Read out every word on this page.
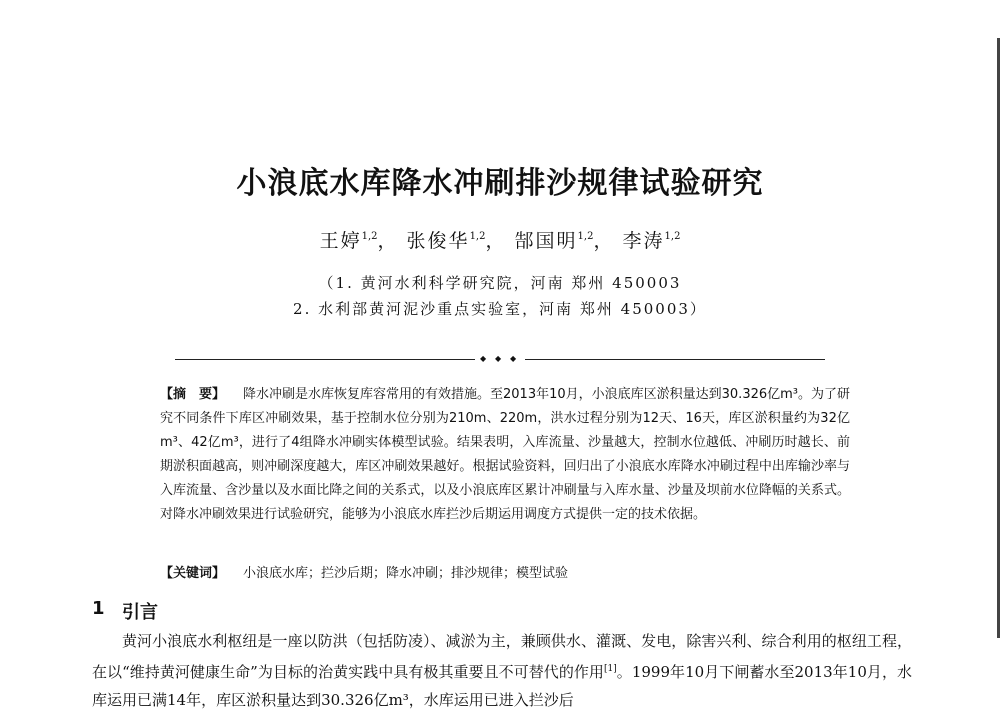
小浪底水库降水冲刷排沙规律试验研究
王婷$^{1,2}$， 张俊华$^{1,2}$， 郜国明$^{1,2}$， 李涛$^{1,2}$
（1. 黄河水利科学研究院，河南 郑州 450003
2. 水利部黄河泥沙重点实验室，河南 郑州 450003）
◆ ◆ ◆
【摘　要】 降水冲刷是水库恢复库容常用的有效措施。至2013年10月，小浪底库区淤积量达到30.326亿m³。为了研究不同条件下库区冲刷效果，基于控制水位分别为210m、220m，洪水过程分别为12天、16天，库区淤积量约为32亿m³、42亿m³，进行了4组降水冲刷实体模型试验。结果表明，入库流量、沙量越大，控制水位越低、冲刷历时越长、前期淤积面越高，则冲刷深度越大，库区冲刷效果越好。根据试验资料，回归出了小浪底水库降水冲刷过程中出库输沙率与入库流量、含沙量以及水面比降之间的关系式，以及小浪底库区累计冲刷量与入库水量、沙量及坝前水位降幅的关系式。对降水冲刷效果进行试验研究，能够为小浪底水库拦沙后期运用调度方式提供一定的技术依据。
【关键词】 小浪底水库；拦沙后期；降水冲刷；排沙规律；模型试验
1 引言
黄河小浪底水利枢纽是一座以防洪（包括防凌）、减淤为主，兼顾供水、灌溉、发电，除害兴利、综合利用的枢纽工程，在以“维持黄河健康生命”为目标的治黄实践中具有极其重要且不可替代的作用[1]。1999年10月下闸蓄水至2013年10月，水库运用已满14年，库区淤积量达到30.326亿m³，水库运用已进入拦沙后
